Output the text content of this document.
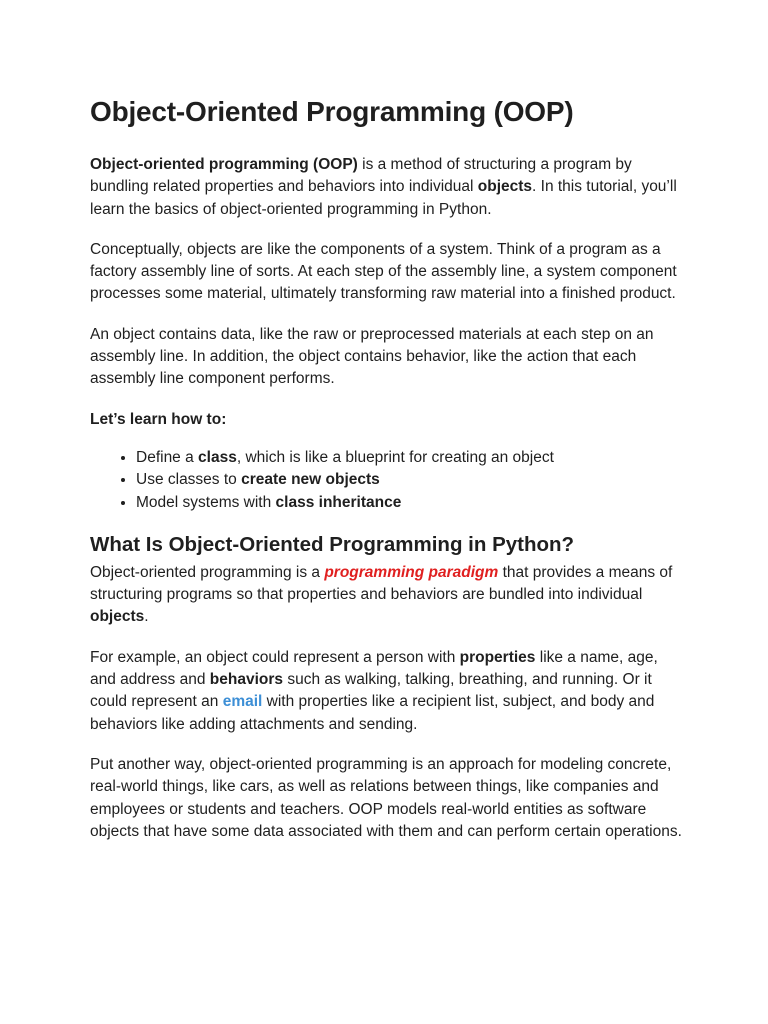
Object-Oriented Programming (OOP)

Object-oriented programming (OOP) is a method of structuring a program by bundling related properties and behaviors into individual objects. In this tutorial, you’ll learn the basics of object-oriented programming in Python.

Conceptually, objects are like the components of a system. Think of a program as a factory assembly line of sorts. At each step of the assembly line, a system component processes some material, ultimately transforming raw material into a finished product.

An object contains data, like the raw or preprocessed materials at each step on an assembly line. In addition, the object contains behavior, like the action that each assembly line component performs.

Let’s learn how to:

• Define a class, which is like a blueprint for creating an object
• Use classes to create new objects
• Model systems with class inheritance
What Is Object-Oriented Programming in Python?

Object-oriented programming is a programming paradigm that provides a means of structuring programs so that properties and behaviors are bundled into individual objects.

For example, an object could represent a person with properties like a name, age, and address and behaviors such as walking, talking, breathing, and running. Or it could represent an email with properties like a recipient list, subject, and body and behaviors like adding attachments and sending.

Put another way, object-oriented programming is an approach for modeling concrete, real-world things, like cars, as well as relations between things, like companies and employees or students and teachers. OOP models real-world entities as software objects that have some data associated with them and can perform certain operations.
